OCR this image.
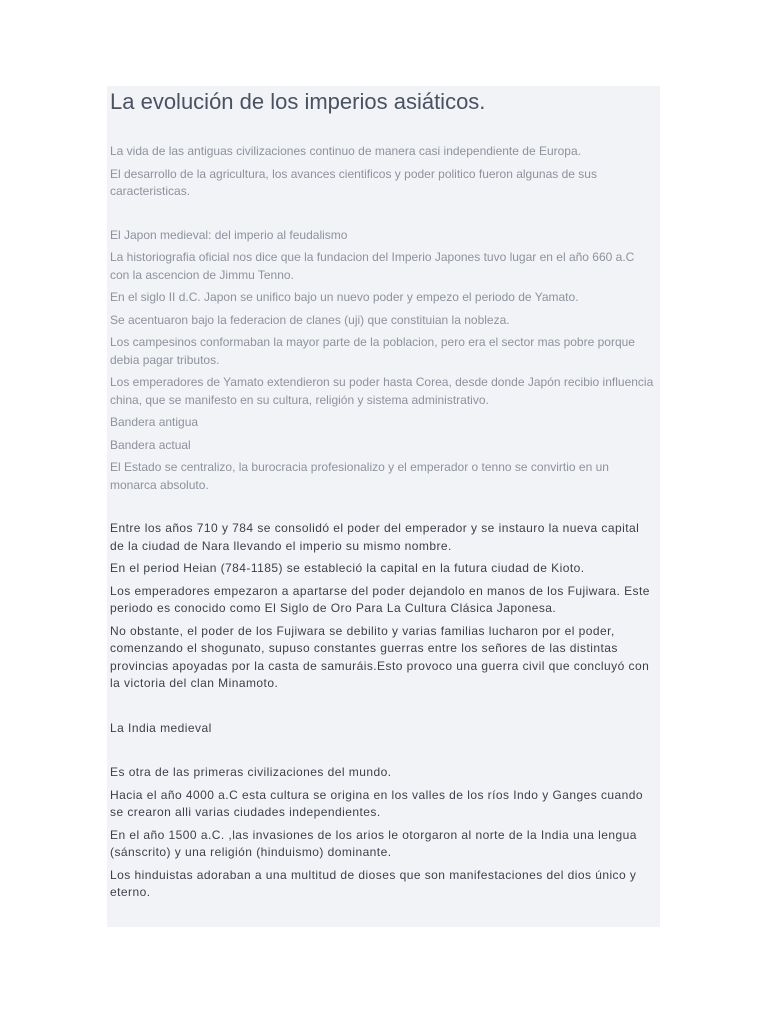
La evolución de los imperios asiáticos.

La vida de las antiguas civilizaciones continuo de manera casi independiente de Europa.

El desarrollo de la agricultura, los avances cientificos y poder politico fueron algunas de sus caracteristicas.

El Japon medieval: del imperio al feudalismo

La historiografia oficial nos dice que la fundacion del Imperio Japones tuvo lugar en el año 660 a.C con la ascencion de Jimmu Tenno.

En el siglo II d.C. Japon se unifico bajo un nuevo poder y empezo el periodo de Yamato.

Se acentuaron bajo la federacion de clanes (uji) que constituian la nobleza.

Los campesinos conformaban la mayor parte de la poblacion, pero era el sector mas pobre porque debia pagar tributos.

Los emperadores de Yamato extendieron su poder hasta Corea, desde donde Japón recibio influencia china, que se manifesto en su cultura, religión y sistema administrativo.

Bandera antigua

Bandera actual

El Estado se centralizo, la burocracia profesionalizo y el emperador o tenno se convirtio en un monarca absoluto.

Entre los años 710 y 784 se consolidó el poder del emperador y se instauro la nueva capital de la ciudad de Nara llevando el imperio su mismo nombre.

En el period Heian (784-1185) se estableció la capital en la futura ciudad de Kioto.

Los emperadores empezaron a apartarse del poder dejandolo en manos de los Fujiwara. Este periodo es conocido como El Siglo de Oro Para La Cultura Clásica Japonesa.

No obstante, el poder de los Fujiwara se debilito y varias familias lucharon por el poder, comenzando el shogunato, supuso constantes guerras entre los señores de las distintas provincias apoyadas por la casta de samuráis.Esto provoco una guerra civil que concluyó con la victoria del clan Minamoto.

La India medieval

Es otra de las primeras civilizaciones del mundo.

Hacia el año 4000 a.C esta cultura se origina en los valles de los ríos Indo y Ganges cuando se crearon alli varias ciudades independientes.

En el año 1500 a.C. ,las invasiones de los arios le otorgaron al norte de la India una lengua (sánscrito) y una religión (hinduismo) dominante.

Los hinduistas adoraban a una multitud de dioses que son manifestaciones del dios único y eterno.
